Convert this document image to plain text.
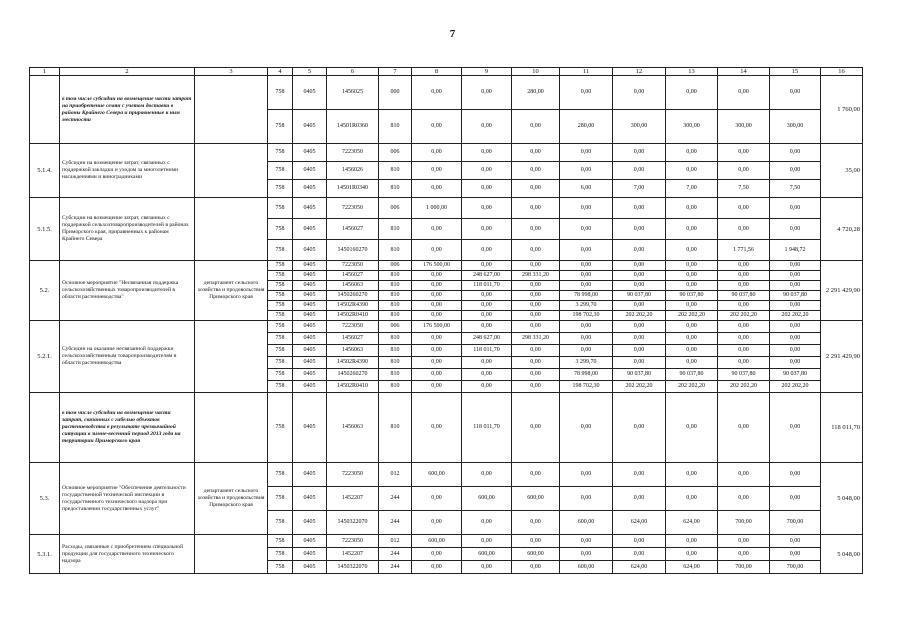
7
1	2	3	4	5	6	7	8	9	10	11	12	13	14	15	16
	в том числе субсидии на возмещение части затрат на приобретение семян с учетом доставки в районы Крайнего Севера и приравненные к ним местности		758	0405	1456025	000	0,00	0,00	280,00	0,00	0,00	0,00	0,00	0,00	1 760,00
			758	0405	14501R0360	810	0,00	0,00	0,00	280,00	300,00	300,00	300,00	300,00	
5.1.4.	Субсидии на возмещение затрат, связанных с поддержкой закладки и уходом за многолетними насаждениями и виноградниками		758	0405	7223050	006	0,00	0,00	0,00	0,00	0,00	0,00	0,00	0,00	35,00
			758	0405	1456026	810	0,00	0,00	0,00	0,00	0,00	0,00	0,00	0,00	
			758	0405	14501R0340	810	0,00	0,00	0,00	6,00	7,00	7,00	7,50	7,50	
5.1.5.	Субсидии на возмещение затрат, связанных с поддержкой сельхозтоваропроизводителей в районах Приморского края, приравненных к районам Крайнего Севера		758	0405	7223050	006	1 000,00	0,00	0,00	0,00	0,00	0,00	0,00	0,00	4 720,28
			758	0405	1456027	810	0,00	0,00	0,00	0,00	0,00	0,00	0,00	0,00	
			758	0405	1450160270	810	0,00	0,00	0,00	0,00	0,00	0,00	1 771,56	1 948,72	
5.2.	Основное мероприятие "Несвязанная поддержка сельскохозяйственных товаропроизводителей в области растениеводства"	департамент сельского хозяйства и продовольствия Приморского края	758	0405	7223050	006	176 500,00	0,00	0,00	0,00	0,00	0,00	0,00	0,00	2 291 429,90
			758	0405	1456027	810	0,00	248 627,00	298 331,20	0,00	0,00	0,00	0,00	0,00	
			758	0405	1456063	810	0,00	118 011,70	0,00	0,00	0,00	0,00	0,00	0,00	
			758	0405	1450260270	810	0,00	0,00	0,00	78 998,00	90 037,80	90 037,80	90 037,80	90 037,80	
			758	0405	14502R4390	810	0,00	0,00	0,00	3 299,70	0,00	0,00	0,00	0,00	
			758	0405	14502R0410	810	0,00	0,00	0,00	198 702,30	202 202,20	202 202,20	202 202,20	202 202,20	
5.2.1.	Субсидии на оказание несвязанной поддержки сельскохозяйственным товаропроизводителям в области растениеводства		758	0405	7223050	006	176 500,00	0,00	0,00	0,00	0,00	0,00	0,00	0,00	2 291 429,90
			758	0405	1456027	810	0,00	248 627,00	298 331,20	0,00	0,00	0,00	0,00	0,00	
			758	0405	1456063	810	0,00	118 011,70	0,00	0,00	0,00	0,00	0,00	0,00	
			758	0405	14502R4390	810	0,00	0,00	0,00	3 299,70	0,00	0,00	0,00	0,00	
			758	0405	1450260270	810	0,00	0,00	0,00	78 998,00	90 037,80	90 037,80	90 037,80	90 037,80	
			758	0405	14502R0410	810	0,00	0,00	0,00	198 702,30	202 202,20	202 202,20	202 202,20	202 202,20	
	в том числе субсидии на возмещение части затрат, связанных с гибелью объектов растениеводства в результате чрезвычайной ситуации в зимне-весенний период 2013 года на территории Приморского края		758	0405	1456063	810	0,00	118 011,70	0,00	0,00	0,00	0,00	0,00	0,00	118 011,70
5.3.	Основное мероприятие "Обеспечение деятельности государственной технической инспекции в государственного технического надзора при предоставлении государственных услуг"	департамент сельского хозяйства и продовольствия Приморского края	758	0405	7223050	012	600,00	0,00	0,00	0,00	0,00	0,00	0,00	0,00	5 048,00
			758	0405	1452207	244	0,00	600,00	600,00	0,00	0,00	0,00	0,00	0,00	
			758	0405	1450322070	244	0,00	0,00	0,00	600,00	624,00	624,00	700,00	700,00	
5.3.1.	Расходы, связанные с приобретением специальной продукции для государственного технического надзора		758	0405	7223050	012	600,00	0,00	0,00	0,00	0,00	0,00	0,00	0,00	5 048,00
			758	0405	1452207	244	0,00	600,00	600,00	0,00	0,00	0,00	0,00	0,00	
			758	0405	1450322070	244	0,00	0,00	0,00	600,00	624,00	624,00	700,00	700,00	
